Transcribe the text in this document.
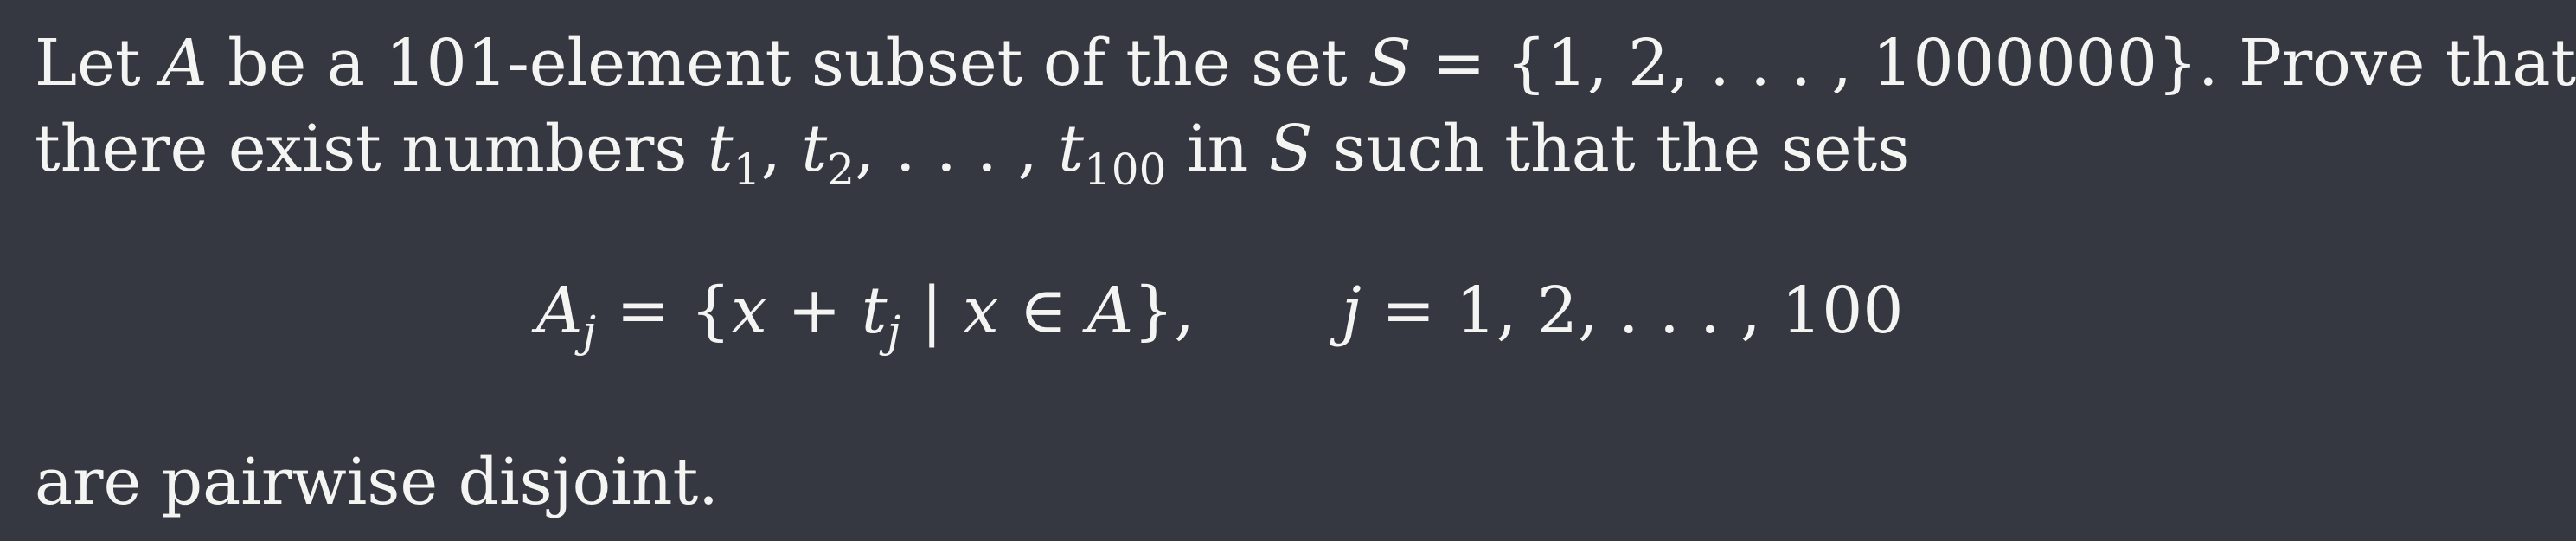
Let A be a 101-element subset of the set S = {1, 2, . . . , 1000000}. Prove that
there exist numbers $t_1$, $t_2$, . . . , $t_{100}$ in S such that the sets
$A_j = \{x + t_j$ | x ∈ A}, j = 1, 2, . . . , 100
are pairwise disjoint.
